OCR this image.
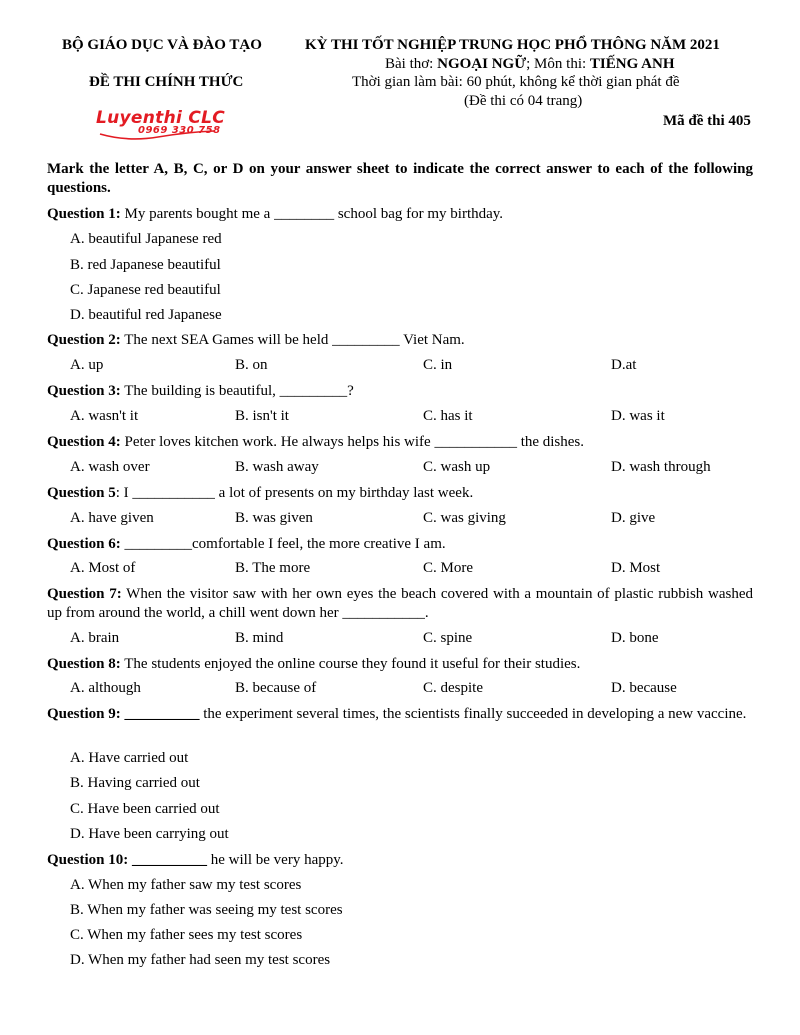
BỘ GIÁO DỤC VÀ ĐÀO TẠO	KỲ THI TỐT NGHIỆP TRUNG HỌC PHỔ THÔNG NĂM 2021
ĐỀ THI CHÍNH THỨC
Bài thơ: NGOẠI NGỮ; Môn thi: TIẾNG ANH
Thời gian làm bài: 60 phút, không kể thời gian phát đề
(Đề thi có 04 trang)
Mã đề thi 405
Luyenthi CLC
0969 330 758
Mark the letter A, B, C, or D on your answer sheet to indicate the correct answer to each of the following questions.
Question 1: My parents bought me a ________ school bag for my birthday.
A. beautiful Japanese red
B. red Japanese beautiful
C. Japanese red beautiful
D. beautiful red Japanese
Question 2: The next SEA Games will be held _________ Viet Nam.
A. up	B. on	C. in	D.at
Question 3: The building is beautiful, _________?
A. wasn't it	B. isn't it	C. has it	D. was it
Question 4: Peter loves kitchen work. He always helps his wife ___________ the dishes.
A. wash over	B. wash away	C. wash up	D. wash through
Question 5: I ___________ a lot of presents on my birthday last week.
A. have given	B. was given	C. was giving	D. give
Question 6: _________comfortable I feel, the more creative I am.
A. Most of	B. The more	C. More	D. Most
Question 7: When the visitor saw with her own eyes the beach covered with a mountain of plastic rubbish washed up from around the world, a chill went down her ___________.
A. brain	B. mind	C. spine	D. bone
Question 8: The students enjoyed the online course they found it useful for their studies.
A. although	B. because of	C. despite	D. because
Question 9: __________ the experiment several times, the scientists finally succeeded in developing a new vaccine.
A. Have carried out
B. Having carried out
C. Have been carried out
D. Have been carrying out
Question 10: __________ he will be very happy.
A. When my father saw my test scores
B. When my father was seeing my test scores
C. When my father sees my test scores
D. When my father had seen my test scores
